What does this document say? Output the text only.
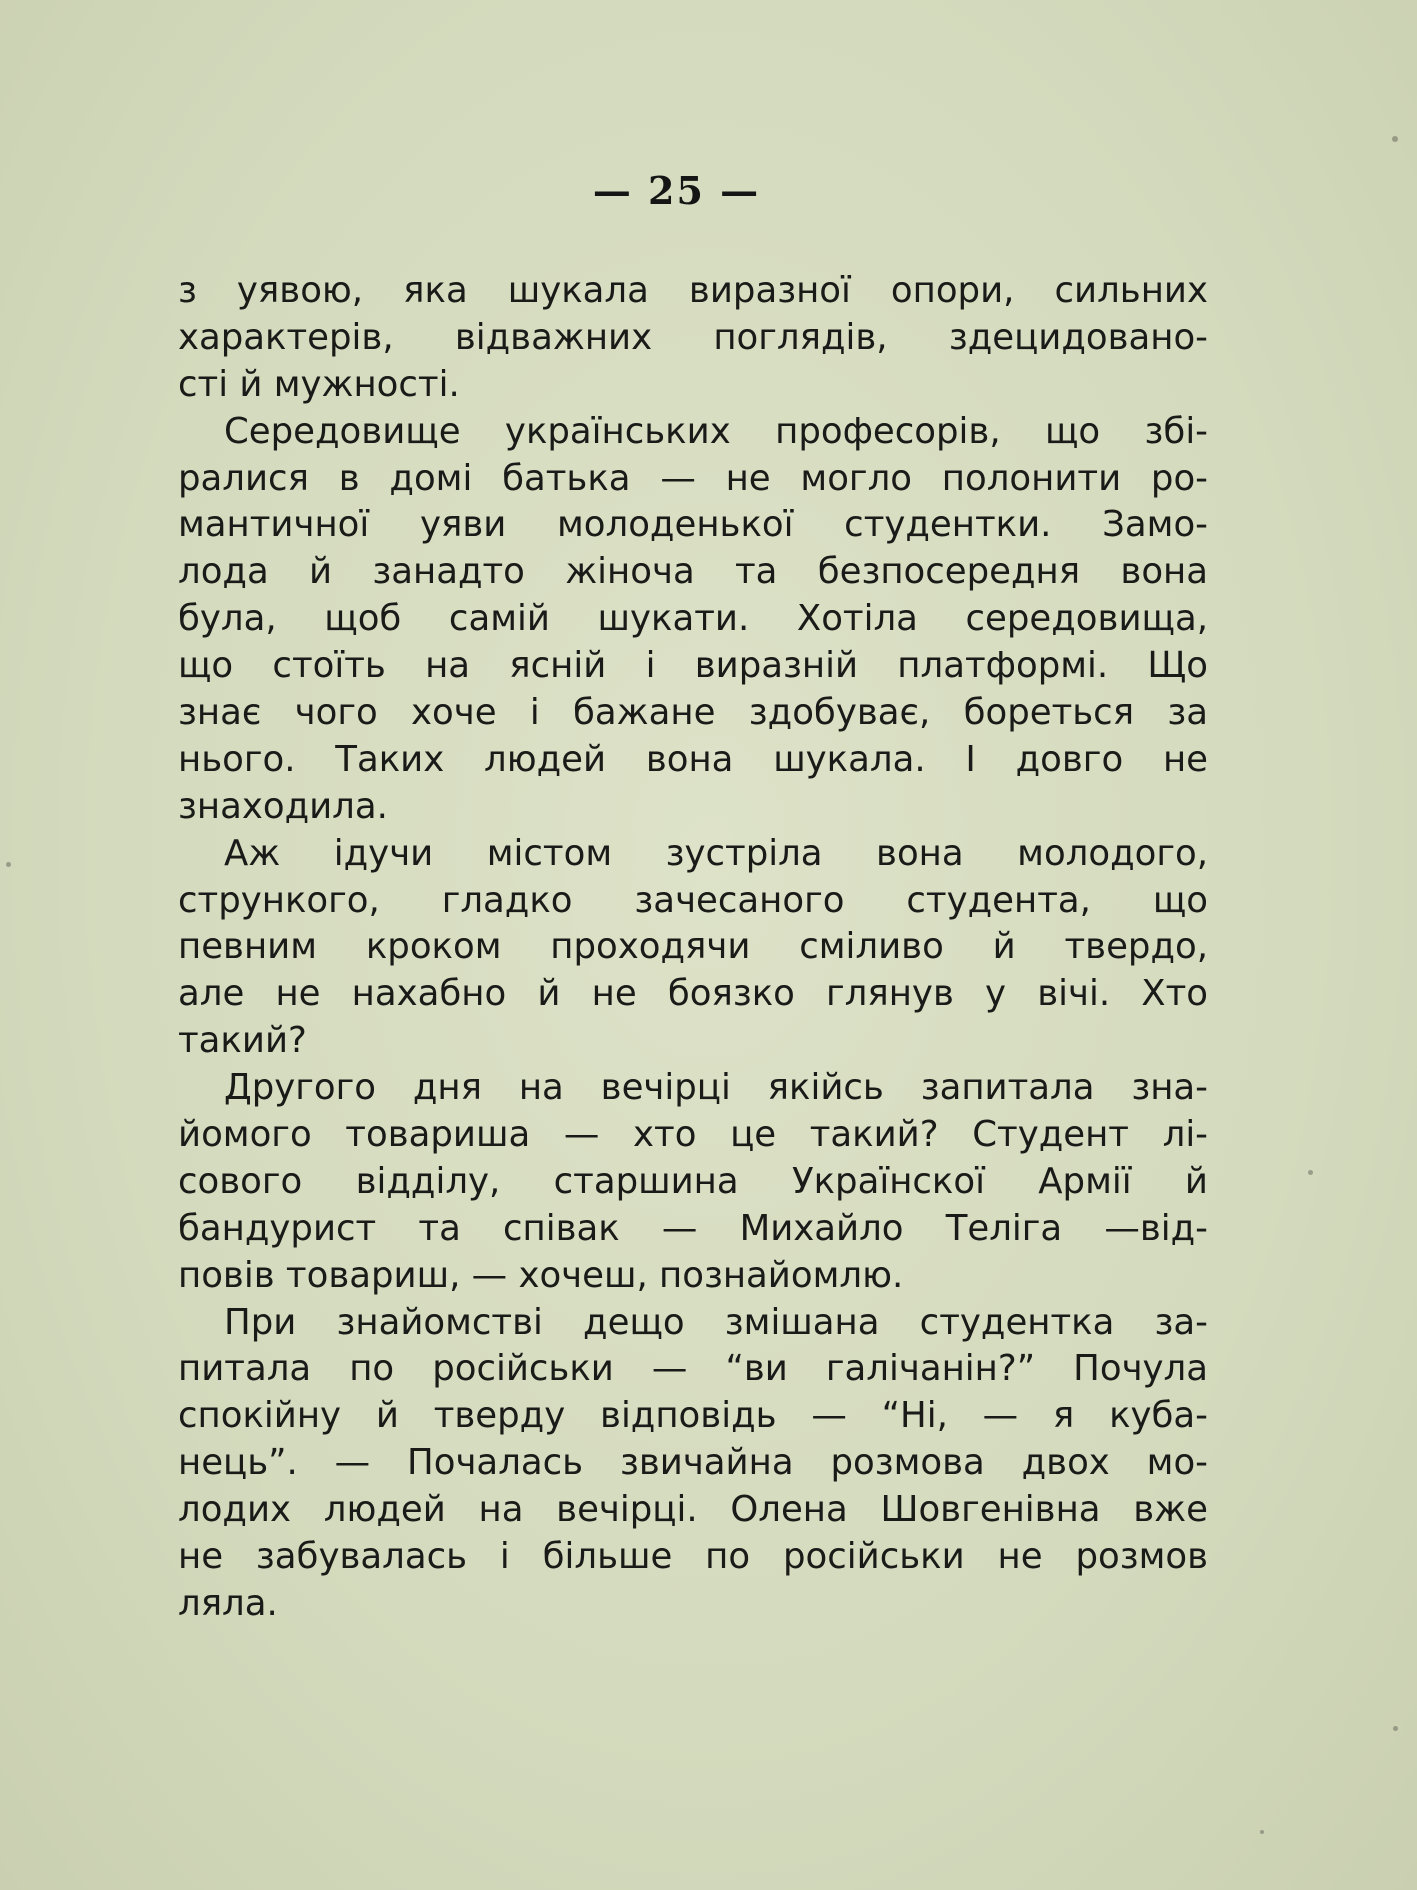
— 25 —
з уявою, яка шукала виразної опори, сильних
характерів, відважних поглядів, здецидовано-
сті й мужності.
Середовище українських професорів, що збі-
ралися в домі батька — не могло полонити ро-
мантичної уяви молоденької студентки. Замо-
лода й занадто жіноча та безпосередня вона
була, щоб самій шукати. Хотіла середовища,
що стоїть на ясній і виразній платформі. Що
знає чого хоче і бажане здобуває, бореться за
нього. Таких людей вона шукала. І довго не
знаходила.
Аж ідучи містом зустріла вона молодого,
стрункого, гладко зачесаного студента, що
певним кроком проходячи сміливо й твердо,
але не нахабно й не боязко глянув у вічі. Хто
такий?
Другого дня на вечірці якійсь запитала зна-
йомого товариша — хто це такий? Студент лі-
сового відділу, старшина Українскої Армії й
бандурист та співак — Михайло Теліга —від-
повів товариш, — хочеш, познайомлю.
При знайомстві дещо змішана студентка за-
питала по російськи — “ви галічанін?” Почула
спокійну й тверду відповідь — “Ні, — я куба-
нець”. — Почалась звичайна розмова двох мо-
лодих людей на вечірці. Олена Шовгенівна вже
не забувалась і більше по російськи не розмов
ляла.
